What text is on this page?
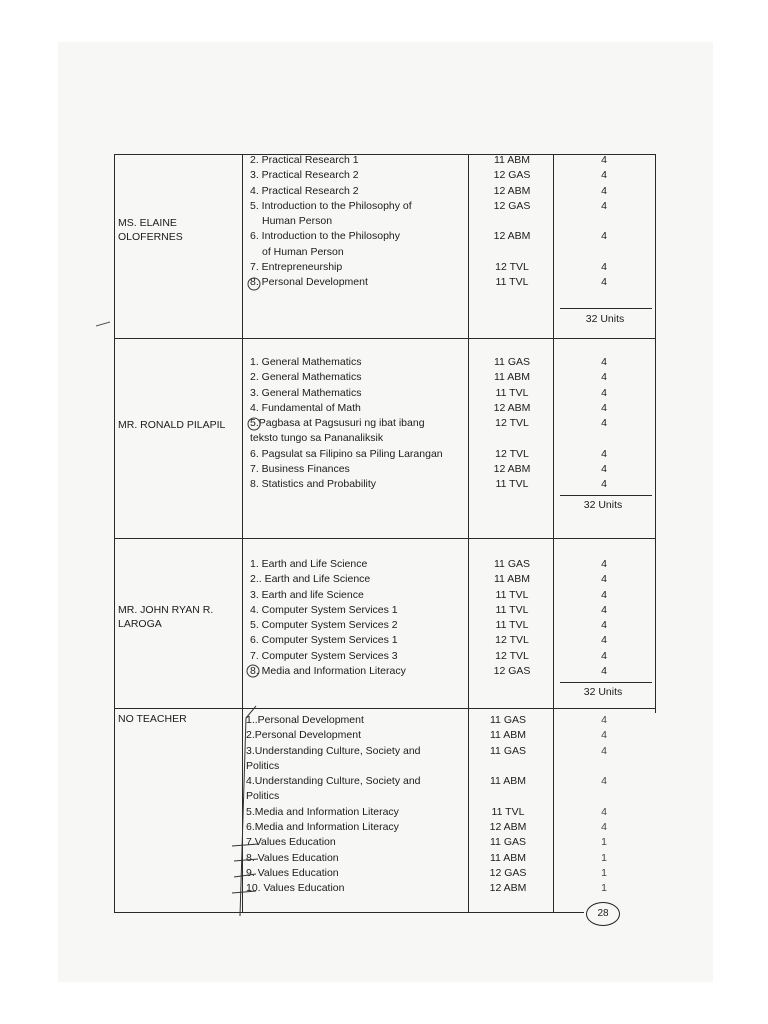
MS. ELAINE OLOFERNES
2. Practical Research 1
3. Practical Research 2
4. Practical Research 2
5. Introduction to the Philosophy of
Human Person
6. Introduction to the Philosophy
of Human Person
7. Entrepreneurship
8. Personal Development
11 ABM
12 GAS
12 ABM
12 GAS
12 ABM
12 TVL
11 TVL
4
4
4
4
4
4
4
32 Units
MR. RONALD PILAPIL
1. General Mathematics
2. General Mathematics
3. General Mathematics
4. Fundamental of Math
5.Pagbasa at Pagsusuri ng ibat ibang
teksto tungo sa Pananaliksik
6. Pagsulat sa Filipino sa Piling Larangan
7. Business Finances
8. Statistics and Probability
11 GAS
11 ABM
11 TVL
12 ABM
12 TVL
12 TVL
12 ABM
11 TVL
4
4
4
4
4
4
4
4
32 Units
MR. JOHN RYAN R. LAROGA
1. Earth and Life Science
2.. Earth and Life Science
3. Earth and life Science
4. Computer System Services 1
5. Computer System Services 2
6. Computer System Services 1
7. Computer System Services 3
8. Media and Information Literacy
11 GAS
11 ABM
11 TVL
11 TVL
11 TVL
12 TVL
12 TVL
12 GAS
4
4
4
4
4
4
4
4
32 Units
NO TEACHER	1..Personal Development
2.Personal Development
3.Understanding Culture, Society and
Politics
4.Understanding Culture, Society and
Politics
5.Media and Information Literacy
6.Media and Information Literacy
7.Values Education
8. Values Education
9. Values Education
10. Values Education
11 GAS
11 ABM
11 GAS
11 ABM
11 TVL
12 ABM
11 GAS
11 ABM
12 GAS
12 ABM
4
4
4
4
4
4
1
1
1
1
28
